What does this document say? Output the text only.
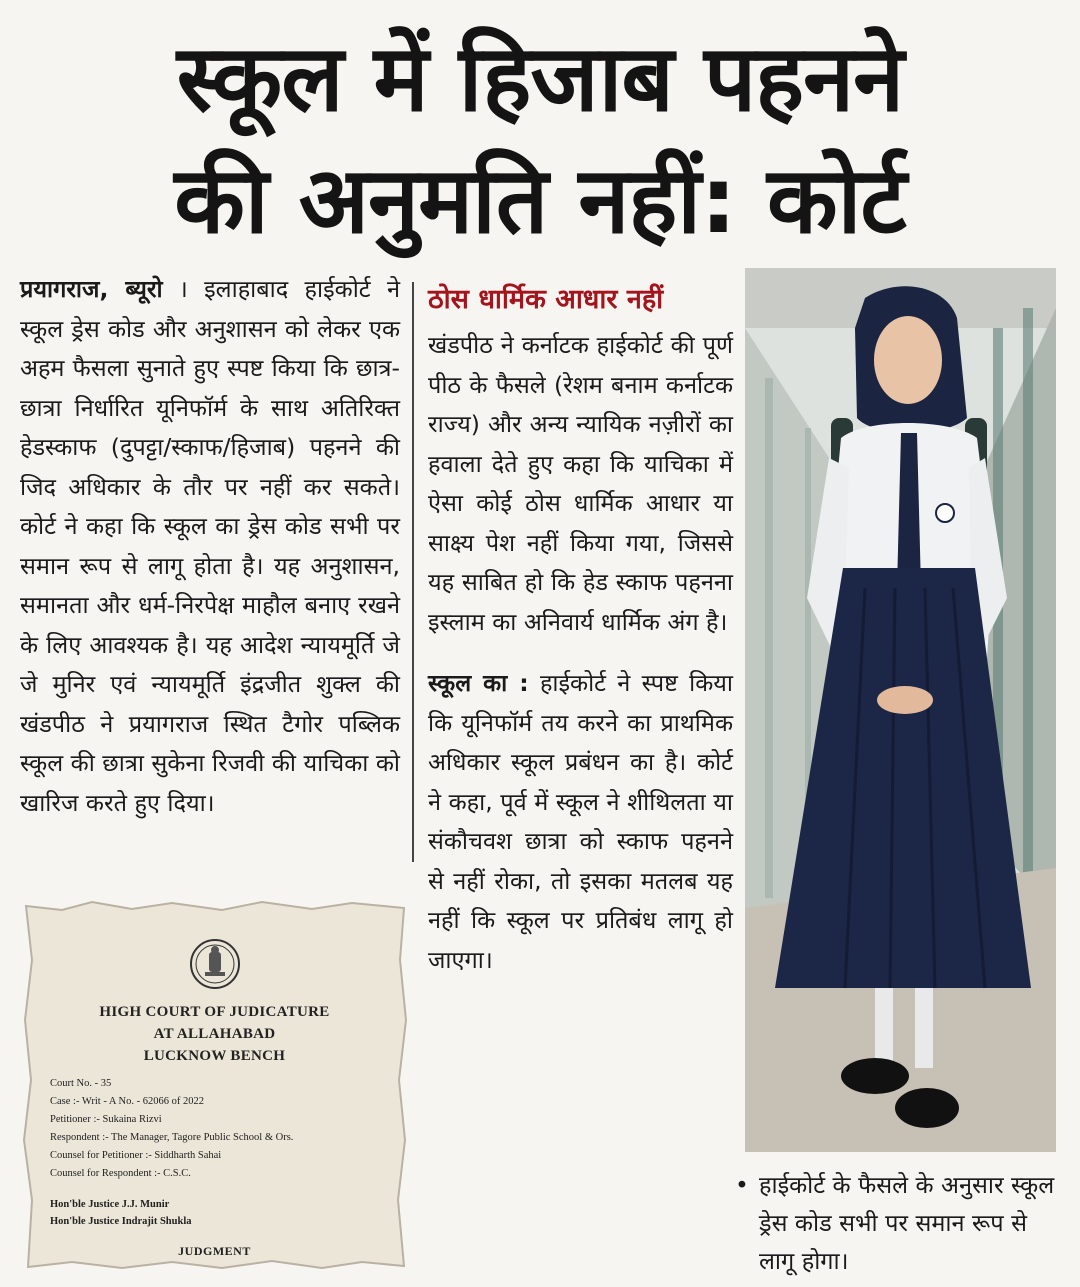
स्कूल में हिजाब पहनने
की अनुमति नहीं: कोर्ट
प्रयागराज, ब्यूरो । इलाहाबाद हाईकोर्ट ने स्कूल ड्रेस कोड और अनुशासन को लेकर एक अहम फैसला सुनाते हुए स्पष्ट किया कि छात्र-छात्रा निर्धारित यूनिफॉर्म के साथ अतिरिक्त हेडस्काफ (दुपट्टा/स्काफ/हिजाब) पहनने की जिद अधिकार के तौर पर नहीं कर सकते। कोर्ट ने कहा कि स्कूल का ड्रेस कोड सभी पर समान रूप से लागू होता है। यह अनुशासन, समानता और धर्म-निरपेक्ष माहौल बनाए रखने के लिए आवश्यक है। यह आदेश न्यायमूर्ति जे जे मुनिर एवं न्यायमूर्ति इंद्रजीत शुक्ल की खंडपीठ ने प्रयागराज स्थित टैगोर पब्लिक स्कूल की छात्रा सुकेना रिजवी की याचिका को खारिज करते हुए दिया।
ठोस धार्मिक आधार नहीं
खंडपीठ ने कर्नाटक हाईकोर्ट की पूर्ण पीठ के फैसले (रेशम बनाम कर्नाटक राज्य) और अन्य न्यायिक नज़ीरों का हवाला देते हुए कहा कि याचिका में ऐसा कोई ठोस धार्मिक आधार या साक्ष्य पेश नहीं किया गया, जिससे यह साबित हो कि हेड स्काफ पहनना इस्लाम का अनिवार्य धार्मिक अंग है।
स्कूल का : हाईकोर्ट ने स्पष्ट किया कि यूनिफॉर्म तय करने का प्राथमिक अधिकार स्कूल प्रबंधन का है। कोर्ट ने कहा, पूर्व में स्कूल ने शीथिलता या संकौचवश छात्रा को स्काफ पहनने से नहीं रोका, तो इसका मतलब यह नहीं कि स्कूल पर प्रतिबंध लागू हो जाएगा।
• हाईकोर्ट के फैसले के अनुसार स्कूल ड्रेस कोड सभी पर समान रूप से लागू होगा।
HIGH COURT OF JUDICATURE
AT ALLAHABAD
LUCKNOW BENCH
Court No. - 35
Case :- Writ - A No. - 62066 of 2022
Petitioner :- Sukaina Rizvi
Respondent :- The Manager, Tagore Public School & Ors.
Counsel for Petitioner :- Siddharth Sahai
Counsel for Respondent :- C.S.C.
Hon'ble Justice J.J. Munir
Hon'ble Justice Indrajit Shukla
JUDGMENT
